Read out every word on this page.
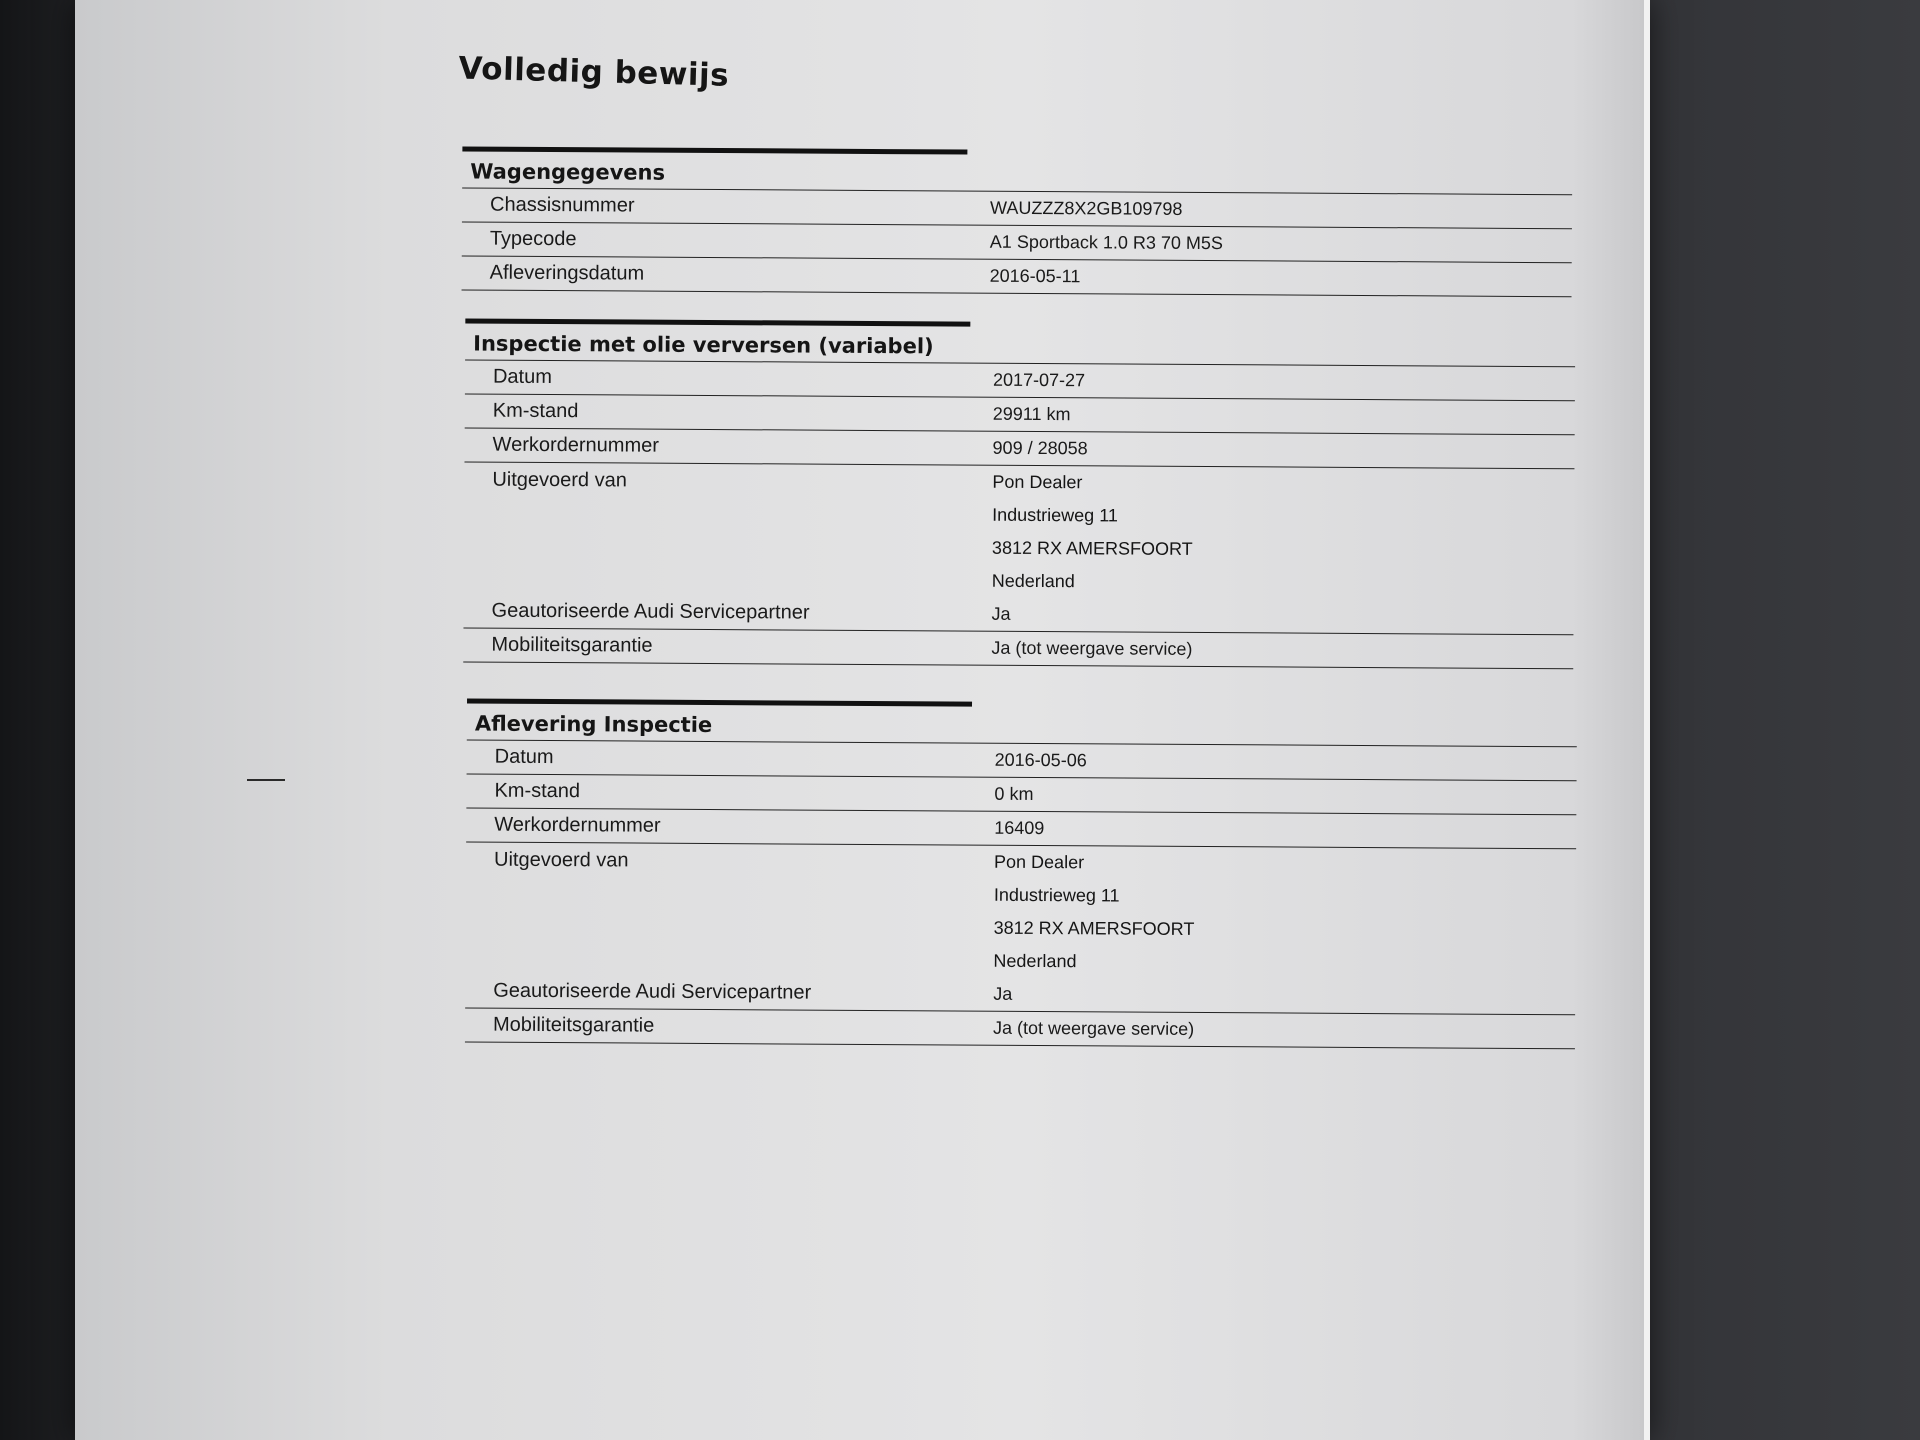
Volledig bewijs
Wagengegevens
Chassisnummer	WAUZZZ8X2GB109798
Typecode	A1 Sportback 1.0 R3 70 M5S
Afleveringsdatum	2016-05-11
Inspectie met olie verversen (variabel)
Datum	2017-07-27
Km-stand	29911 km
Werkordernummer	909 / 28058
Uitgevoerd van	Pon Dealer
Industrieweg 11
3812 RX AMERSFOORT
Nederland
Geautoriseerde Audi Servicepartner	Ja
Mobiliteitsgarantie	Ja (tot weergave service)
Aflevering Inspectie
Datum	2016-05-06
Km-stand	0 km
Werkordernummer	16409
Uitgevoerd van	Pon Dealer
Industrieweg 11
3812 RX AMERSFOORT
Nederland
Geautoriseerde Audi Servicepartner	Ja
Mobiliteitsgarantie	Ja (tot weergave service)
